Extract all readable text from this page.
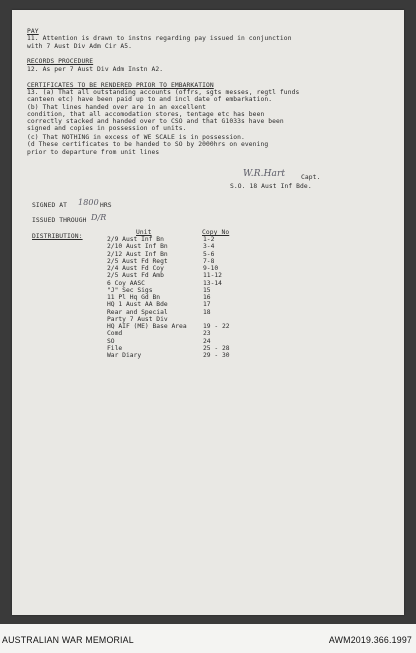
PAY
11. Attention is drawn to instns regarding pay issued in conjunction
with 7 Aust Div Adm Cir A5.
RECORDS PROCEDURE
12. As per 7 Aust Div Adm Instn A2.
CERTIFICATES TO BE RENDERED PRIOR TO EMBARKATION
13. (a) That all outstanding accounts (offrs, sgts messes, regtl funds
canteen etc) have been paid up to and incl date of embarkation.
(b) That lines handed over are in an excellent
condition, that all accomodation stores, tentage etc has been
correctly stacked and handed over to CSO and that G1033s have been
signed and copies in possession of units.
(c) That NOTHING in excess of WE SCALE is in possession.
(d These certificates to be handed to SO by 2000hrs on evening
prior to departure from unit lines
W.R.Hart	Capt.
S.O. 18 Aust Inf Bde.
SIGNED AT 1800 HRS
ISSUED THROUGH D/R
DISTRIBUTION:
Unit	Copy No
2/9 Aust Inf Bn	1-2
2/10 Aust Inf Bn	3-4
2/12 Aust Inf Bn	5-6
2/5 Aust Fd Regt	7-8
2/4 Aust Fd Coy	9-10
2/5 Aust Fd Amb	11-12
6 Coy AASC	13-14
"J" Sec Sigs	15
11 Pl Hq Gd Bn	16
HQ 1 Aust AA Bde	17
Rear and Special	18
Party 7 Aust Div
HQ AIF (ME) Base Area	19 - 22
Comd	23
SO	24
File	25 - 28
War Diary	29 - 30
AUSTRALIAN WAR MEMORIAL	AWM2019.366.1997
